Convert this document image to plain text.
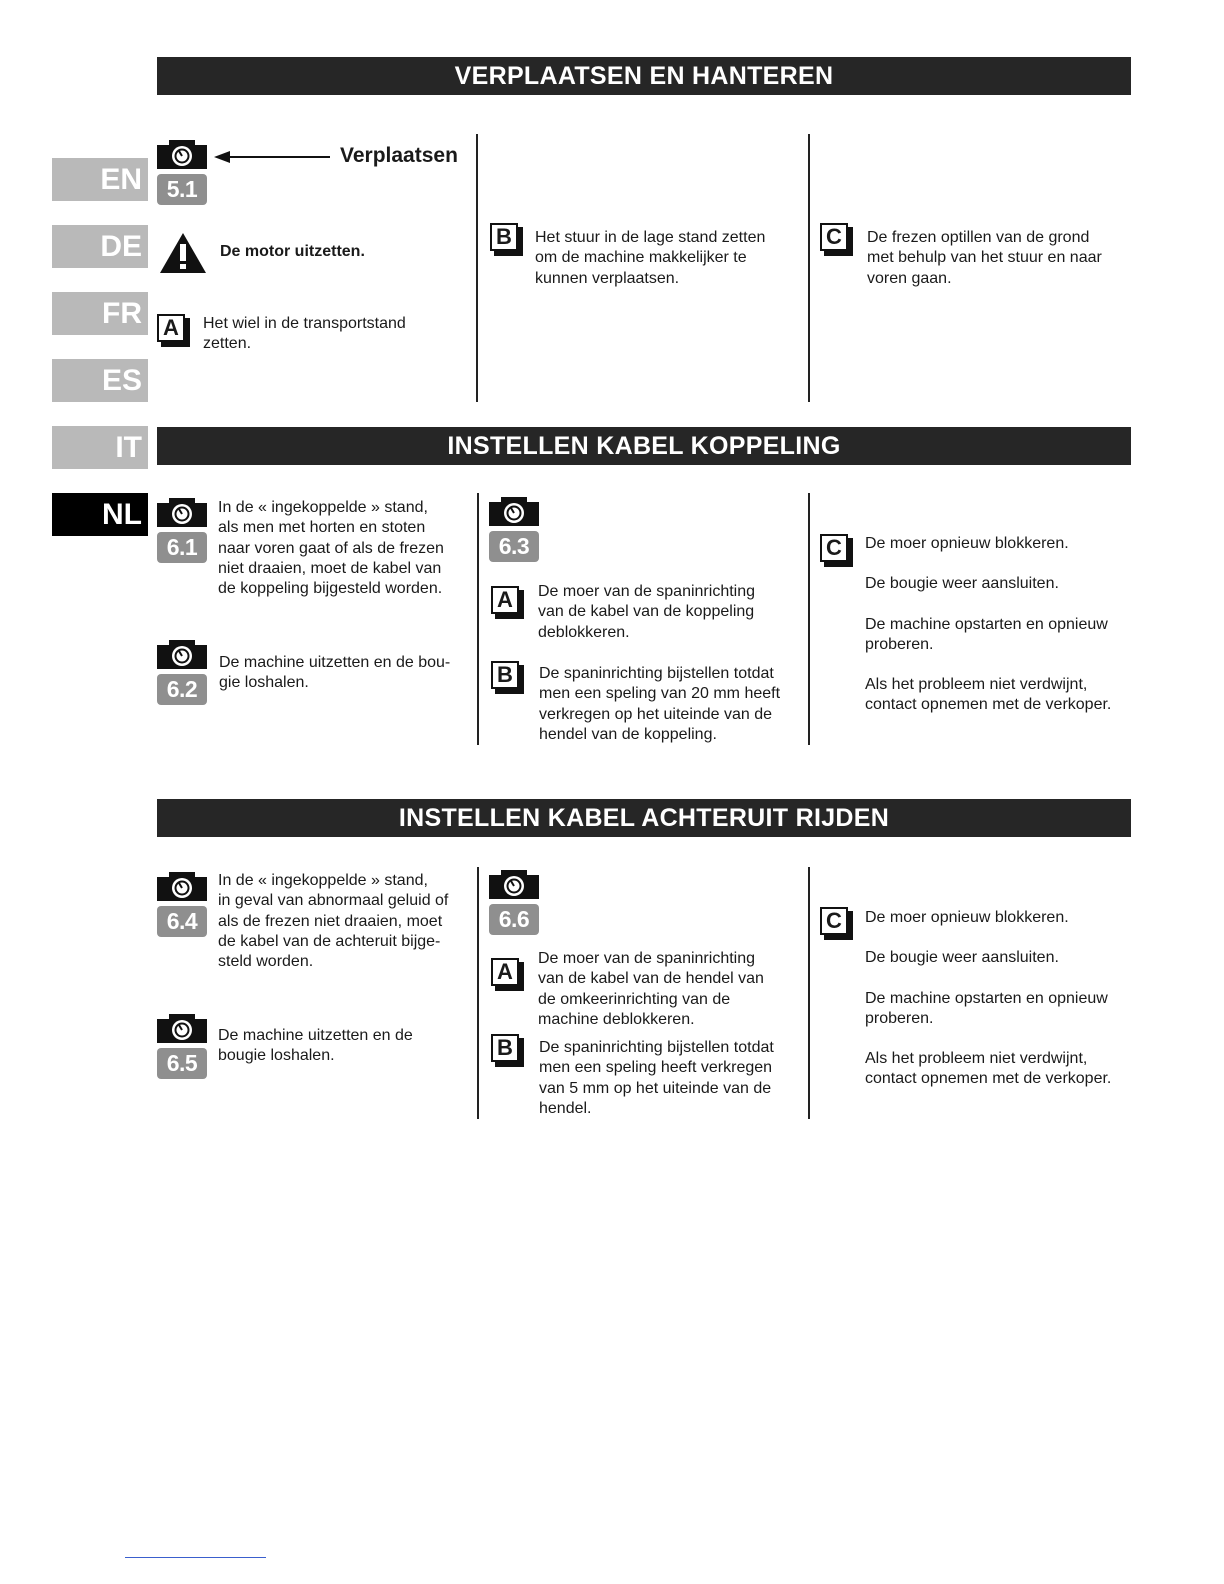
EN
DE
FR
ES
IT
NL
VERPLAATSEN EN HANTEREN
5.1
Verplaatsen
De motor uitzetten.
A	Het wiel in de transportstand
zetten.
B	Het stuur in de lage stand zetten
om de machine makkelijker te
kunnen verplaatsen.
C	De frezen optillen van de grond
met behulp van het stuur en naar
voren gaan.
INSTELLEN KABEL KOPPELING
6.1
In de « ingekoppelde » stand,
als men met horten en stoten
naar voren gaat of als de frezen
niet draaien, moet de kabel van
de koppeling bijgesteld worden.
6.2
De machine uitzetten en de bou-
gie loshalen.
6.3
A	De moer van de spaninrichting
van de kabel van de koppeling
deblokkeren.
B	De spaninrichting bijstellen totdat
men een speling van 20 mm heeft
verkregen op het uiteinde van de
hendel van de koppeling.
C	De moer opnieuw blokkeren.
De bougie weer aansluiten.
De machine opstarten en opnieuw
proberen.
Als het probleem niet verdwijnt,
contact opnemen met de verkoper.
INSTELLEN KABEL ACHTERUIT RIJDEN
6.4
In de « ingekoppelde » stand,
in geval van abnormaal geluid of
als de frezen niet draaien, moet
de kabel van de achteruit bijge-
steld worden.
6.5
De machine uitzetten en de
bougie loshalen.
6.6
A
De moer van de spaninrichting
van de kabel van de hendel van
de omkeerinrichting van de
machine deblokkeren.
B	De spaninrichting bijstellen totdat
men een speling heeft verkregen
van 5 mm op het uiteinde van de
hendel.
C	De moer opnieuw blokkeren.
De bougie weer aansluiten.
De machine opstarten en opnieuw
proberen.
Als het probleem niet verdwijnt,
contact opnemen met de verkoper.
